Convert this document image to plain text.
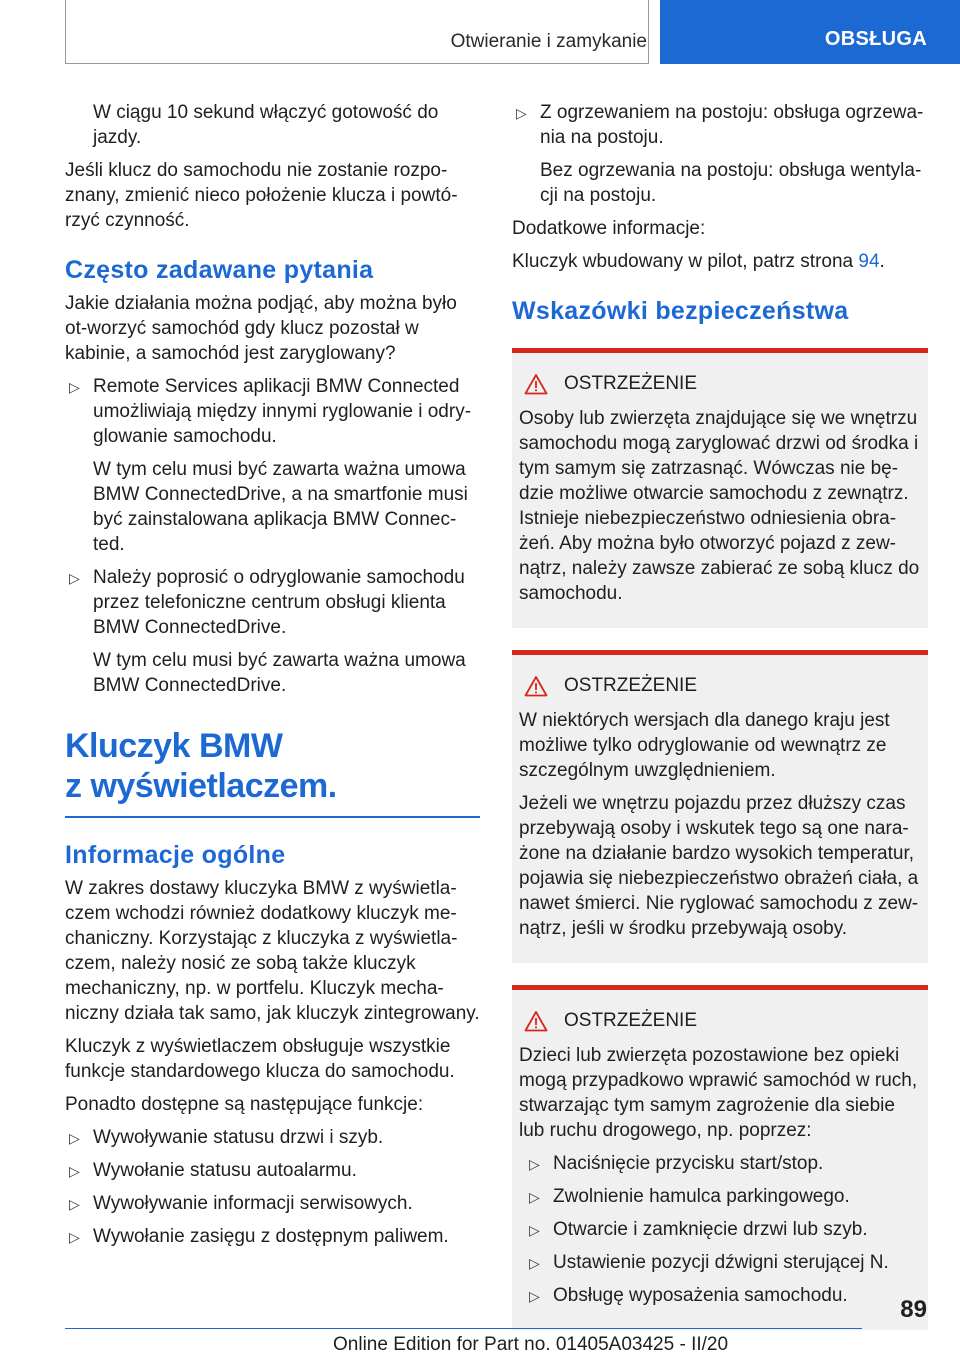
Otwieranie i zamykanie	OBSŁUGA

W ciągu 10 sekund włączyć gotowość do jazdy.

Jeśli klucz do samochodu nie zostanie rozpo-znany, zmienić nieco położenie klucza i powtó-rzyć czynność.

Często zadawane pytania

Jakie działania można podjąć, aby można było ot-worzyć samochód gdy klucz pozostał w kabinie, a samochód jest zaryglowany?

▷ Remote Services aplikacji BMW Connected umożliwiają między innymi ryglowanie i odry-glowanie samochodu.

W tym celu musi być zawarta ważna umowa BMW ConnectedDrive, a na smartfonie musi być zainstalowana aplikacja BMW Connec-ted.

▷ Należy poprosić o odryglowanie samochodu przez telefoniczne centrum obsługi klienta BMW ConnectedDrive.

W tym celu musi być zawarta ważna umowa BMW ConnectedDrive.

Kluczyk BMW
z wyświetlaczem.
Informacje ogólne

W zakres dostawy kluczyka BMW z wyświetla-czem wchodzi również dodatkowy kluczyk me-chaniczny. Korzystając z kluczyka z wyświetla-czem, należy nosić ze sobą także kluczyk mechaniczny, np. w portfelu. Kluczyk mecha-niczny działa tak samo, jak kluczyk zintegrowany.

Kluczyk z wyświetlaczem obsługuje wszystkie funkcje standardowego klucza do samochodu.

Ponadto dostępne są następujące funkcje:

▷ Wywoływanie statusu drzwi i szyb.
▷ Wywołanie statusu autoalarmu.
▷ Wywoływanie informacji serwisowych.
▷ Wywołanie zasięgu z dostępnym paliwem.
▷ Z ogrzewaniem na postoju: obsługa ogrzewa-nia na postoju.

Bez ogrzewania na postoju: obsługa wentyla-cji na postoju.

Dodatkowe informacje:

Kluczyk wbudowany w pilot, patrz strona 94.

Wskazówki bezpieczeństwa
OSTRZEŻENIE

Osoby lub zwierzęta znajdujące się we wnętrzu samochodu mogą zaryglować drzwi od środka i tym samym się zatrzasnąć. Wówczas nie bę-dzie możliwe otwarcie samochodu z zewnątrz. Istnieje niebezpieczeństwo odniesienia obra-żeń. Aby można było otworzyć pojazd z zew-nątrz, należy zawsze zabierać ze sobą klucz do samochodu.

OSTRZEŻENIE

W niektórych wersjach dla danego kraju jest możliwe tylko odryglowanie od wewnątrz ze szczególnym uwzględnieniem.

Jeżeli we wnętrzu pojazdu przez dłuższy czas przebywają osoby i wskutek tego są one nara-żone na działanie bardzo wysokich temperatur, pojawia się niebezpieczeństwo obrażeń ciała, a nawet śmierci. Nie ryglować samochodu z zew-nątrz, jeśli w środku przebywają osoby.

OSTRZEŻENIE

Dzieci lub zwierzęta pozostawione bez opieki mogą przypadkowo wprawić samochód w ruch, stwarzając tym samym zagrożenie dla siebie lub ruchu drogowego, np. poprzez:

▷ Naciśnięcie przycisku start/stop.
▷ Zwolnienie hamulca parkingowego.
▷ Otwarcie i zamknięcie drzwi lub szyb.
▷ Ustawienie pozycji dźwigni sterującej N.
▷ Obsługę wyposażenia samochodu.
89
Online Edition for Part no. 01405A03425 - II/20
